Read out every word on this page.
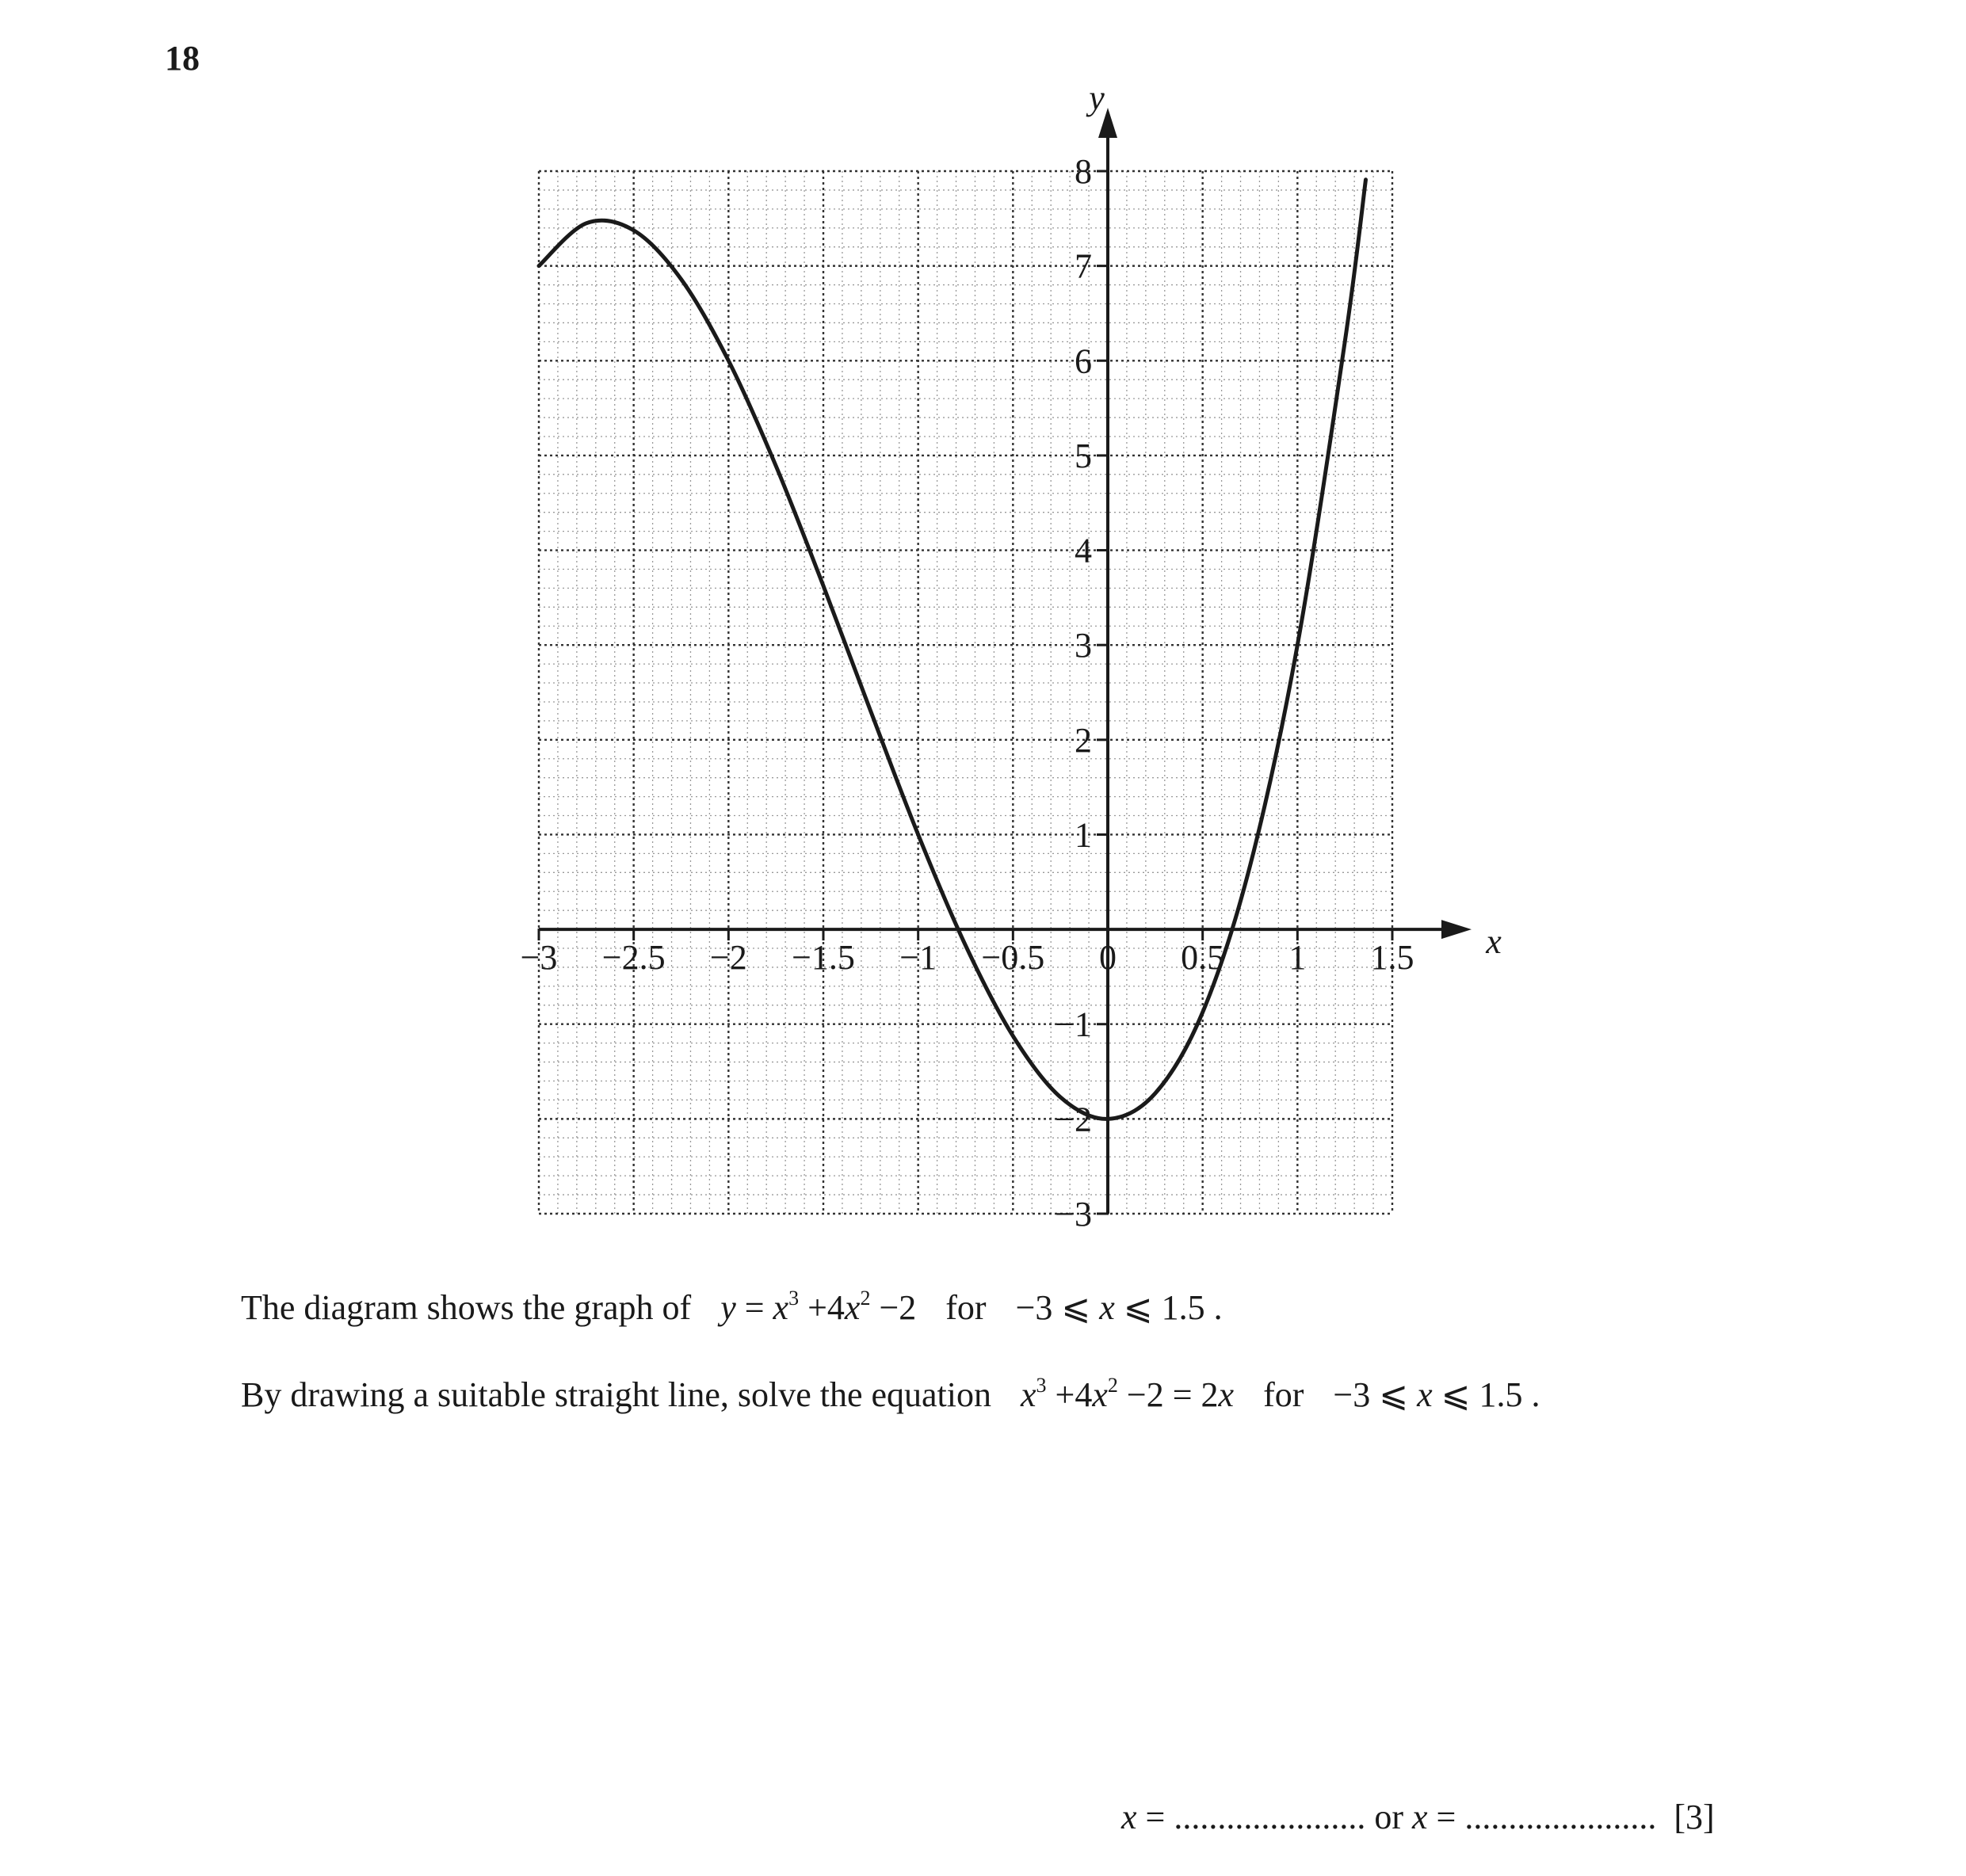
18
x
y
−3 −2.5 −2 −1.5 −1 −0.5 0 0.5 1 1.5
−3
−2
−1
1
2
3
4
5
6
7
8
The diagram shows the graph of $y = x^3 +4x^2 -2$ for −3 ⩽ x ⩽ 1.5 .
By drawing a suitable straight line, solve the equation $x^3 +4x^2 -2 = 2x$ for −3 ⩽ x ⩽ 1.5 .
x = ...................... or x = ...................... [3]
